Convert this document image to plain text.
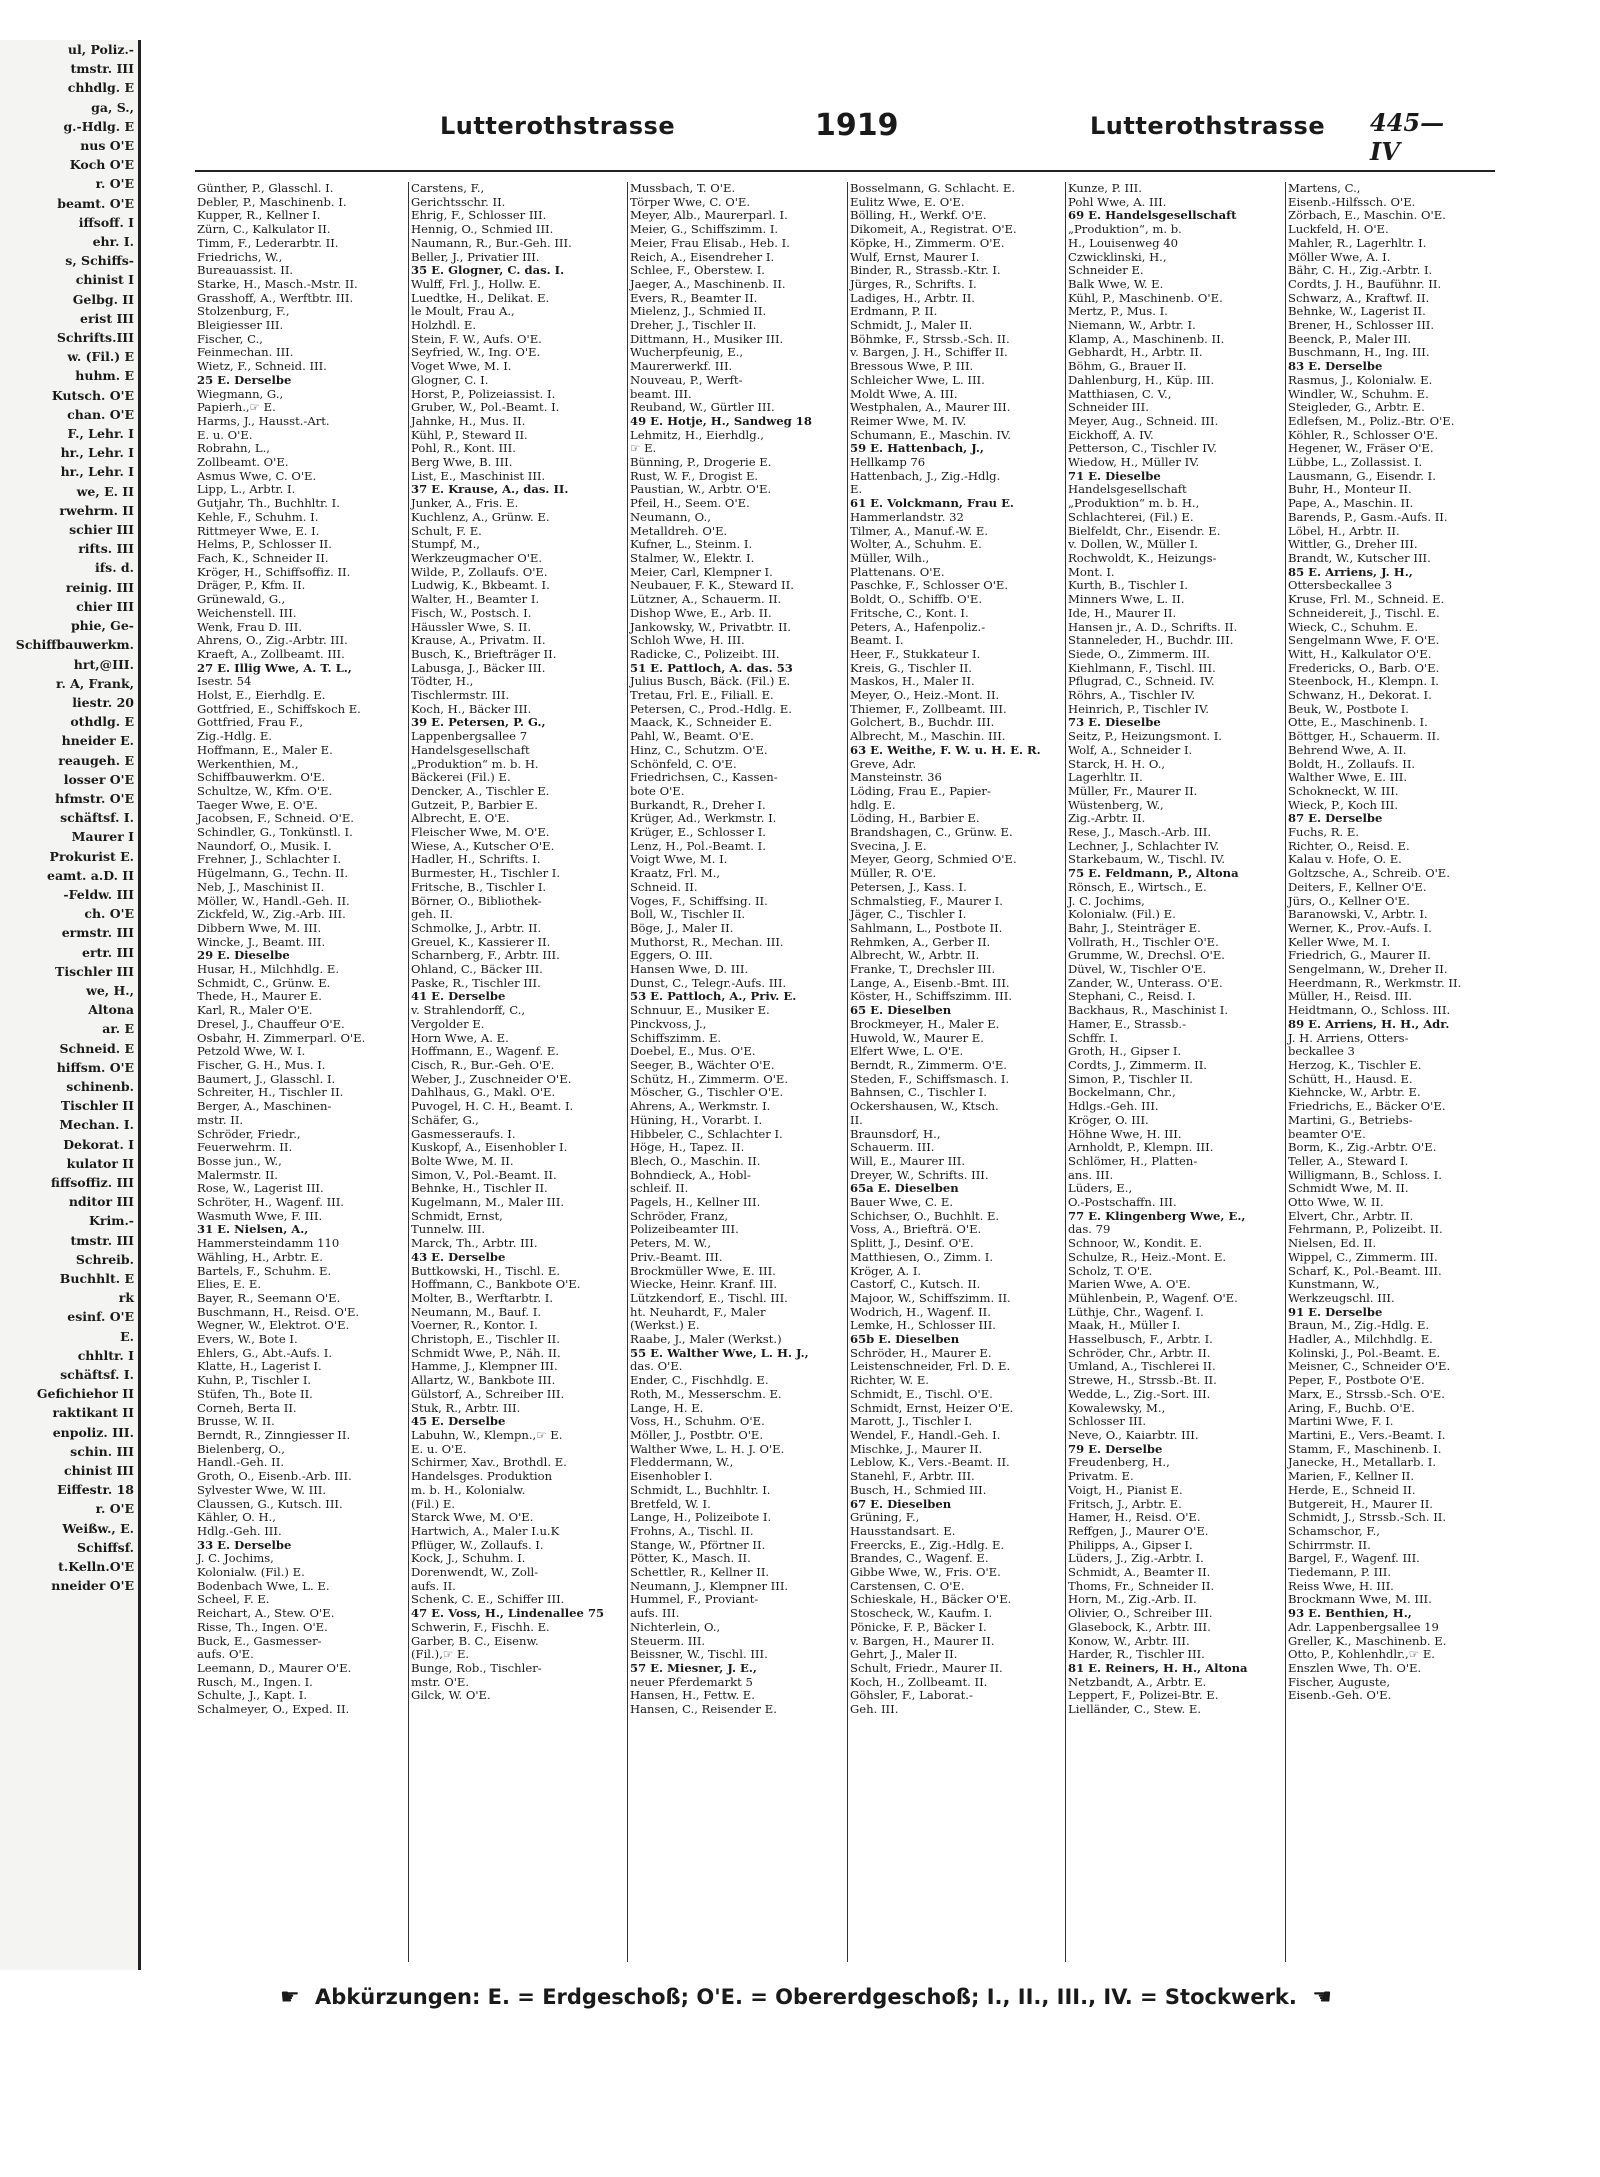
ul, Poliz.-
tmstr. III
chhdlg. E
ga, S.,
g.-Hdlg. E
nus O'E
Koch O'E
r. O'E
beamt. O'E
iffsoff. I
ehr. I.
s, Schiffs-
chinist I
Gelbg. II
erist III
Schrifts.III
w. (Fil.) E
huhm. E
Kutsch. O'E
chan. O'E
F., Lehr. I
hr., Lehr. I
hr., Lehr. I
we, E. II
rwehrm. II
schier III
rifts. III
ifs. d.
reinig. III
chier III
phie, Ge-
Schiffbauwerkm.
hrt,@III.
r. A, Frank,
liestr. 20
othdlg. E
hneider E.
reaugeh. E
losser O'E
hfmstr. O'E
schäftsf. I.
Maurer I
Prokurist E.
eamt. a.D. II
-Feldw. III
ch. O'E
ermstr. III
ertr. III
Tischler III
we, H.,
Altona
ar. E
Schneid. E
hiffsm. O'E
schinenb.
Tischler II
Mechan. I.
Dekorat. I
kulator II
fiffsoffiz. III
nditor III
Krim.-
tmstr. III
Schreib.
Buchhlt. E
rk
esinf. O'E
E.
chhltr. I
schäftsf. I.
Gefichiehor II
raktikant II
enpoliz. III.
schin. III
chinist III
Eiffestr. 18
r. O'E
Weißw., E.
Schiffsf.
t.Kelln.O'E
nneider O'E
Lutterothstrasse	1919	Lutterothstrasse 445—IV
Günther, P., Glasschl. I.
Debler, P., Maschinenb. I.
Kupper, R., Kellner I.
Zürn, C., Kalkulator II.
Timm, F., Lederarbtr. II.
Friedrichs, W.,
Bureauassist. II.
Starke, H., Masch.-Mstr. II.
Grasshoff, A., Werftbtr. III.
Stolzenburg, F.,
Bleigiesser III.
Fischer, C.,
Feinmechan. III.
Wietz, F., Schneid. III.
25 E. Derselbe
Wiegmann, G.,
Papierh.,☞ E.
Harms, J., Hausst.-Art.
E. u. O'E.
Robrahn, L.,
Zollbeamt. O'E.
Asmus Wwe, C. O'E.
Lipp, L., Arbtr. I.
Gutjahr, Th., Buchhltr. I.
Kehle, F., Schuhm. I.
Rittmeyer Wwe, E. I.
Helms, P., Schlosser II.
Fach, K., Schneider II.
Kröger, H., Schiffsoffiz. II.
Dräger, P., Kfm. II.
Grünewald, G.,
Weichenstell. III.
Wenk, Frau D. III.
Ahrens, O., Zig.-Arbtr. III.
Kraeft, A., Zollbeamt. III.
27 E. Illig Wwe, A. T. L.,
Isestr. 54
Holst, E., Eierhdlg. E.
Gottfried, E., Schiffskoch E.
Gottfried, Frau F.,
Zig.-Hdlg. E.
Hoffmann, E., Maler E.
Werkenthien, M.,
Schiffbauwerkm. O'E.
Schultze, W., Kfm. O'E.
Taeger Wwe, E. O'E.
Jacobsen, F., Schneid. O'E.
Schindler, G., Tonkünstl. I.
Naundorf, O., Musik. I.
Frehner, J., Schlachter I.
Hügelmann, G., Techn. II.
Neb, J., Maschinist II.
Möller, W., Handl.-Geh. II.
Zickfeld, W., Zig.-Arb. III.
Dibbern Wwe, M. III.
Wincke, J., Beamt. III.
29 E. Dieselbe
Husar, H., Milchhdlg. E.
Schmidt, C., Grünw. E.
Thede, H., Maurer E.
Karl, R., Maler O'E.
Dresel, J., Chauffeur O'E.
Osbahr, H. Zimmerparl. O'E.
Petzold Wwe, W. I.
Fischer, G. H., Mus. I.
Baumert, J., Glasschl. I.
Schreiter, H., Tischler II.
Berger, A., Maschinen-
mstr. II.
Schröder, Friedr.,
Feuerwehrm. II.
Bosse jun., W.,
Malermstr. II.
Rose, W., Lagerist III.
Schröter, H., Wagenf. III.
Wasmuth Wwe, F. III.
31 E. Nielsen, A.,
Hammersteindamm 110
Wähling, H., Arbtr. E.
Bartels, F., Schuhm. E.
Elies, E. E.
Bayer, R., Seemann O'E.
Buschmann, H., Reisd. O'E.
Wegner, W., Elektrot. O'E.
Evers, W., Bote I.
Ehlers, G., Abt.-Aufs. I.
Klatte, H., Lagerist I.
Kuhn, P., Tischler I.
Stüfen, Th., Bote II.
Corneh, Berta II.
Brusse, W. II.
Berndt, R., Zinngiesser II.
Bielenberg, O.,
Handl.-Geh. II.
Groth, O., Eisenb.-Arb. III.
Sylvester Wwe, W. III.
Claussen, G., Kutsch. III.
Kähler, O. H.,
Hdlg.-Geh. III.
33 E. Derselbe
J. C. Jochims,
Kolonialw. (Fil.) E.
Bodenbach Wwe, L. E.
Scheel, F. E.
Reichart, A., Stew. O'E.
Risse, Th., Ingen. O'E.
Buck, E., Gasmesser-
aufs. O'E.
Leemann, D., Maurer O'E.
Rusch, M., Ingen. I.
Schulte, J., Kapt. I.
Schalmeyer, O., Exped. II.
Carstens, F.,
Gerichtsschr. II.
Ehrig, F., Schlosser III.
Hennig, O., Schmied III.
Naumann, R., Bur.-Geh. III.
Beller, J., Privatier III.
35 E. Glogner, C. das. I.
Wulff, Frl. J., Hollw. E.
Luedtke, H., Delikat. E.
le Moult, Frau A.,
Holzhdl. E.
Stein, F. W., Aufs. O'E.
Seyfried, W., Ing. O'E.
Voget Wwe, M. I.
Glogner, C. I.
Horst, P., Polizeiassist. I.
Gruber, W., Pol.-Beamt. I.
Jahnke, H., Mus. II.
Kühl, P., Steward II.
Pohl, R., Kont. III.
Berg Wwe, B. III.
List, E., Maschinist III.
37 E. Krause, A., das. II.
Junker, A., Fris. E.
Kuchlenz, A., Grünw. E.
Schult, F. E.
Stumpf, M.,
Werkzeugmacher O'E.
Wilde, P., Zollaufs. O'E.
Ludwig, K., Bkbeamt. I.
Walter, H., Beamter I.
Fisch, W., Postsch. I.
Häussler Wwe, S. II.
Krause, A., Privatm. II.
Busch, K., Briefträger II.
Labusga, J., Bäcker III.
Tödter, H.,
Tischlermstr. III.
Koch, H., Bäcker III.
39 E. Petersen, P. G.,
Lappenbergsallee 7
Handelsgesellschaft
„Produktion“ m. b. H.
Bäckerei (Fil.) E.
Dencker, A., Tischler E.
Gutzeit, P., Barbier E.
Albrecht, E. O'E.
Fleischer Wwe, M. O'E.
Wiese, A., Kutscher O'E.
Hadler, H., Schrifts. I.
Burmester, H., Tischler I.
Fritsche, B., Tischler I.
Börner, O., Bibliothek-
geh. II.
Schmolke, J., Arbtr. II.
Greuel, K., Kassierer II.
Scharnberg, F., Arbtr. III.
Ohland, C., Bäcker III.
Paske, R., Tischler III.
41 E. Derselbe
v. Strahlendorff, C.,
Vergolder E.
Horn Wwe, A. E.
Hoffmann, E., Wagenf. E.
Cisch, R., Bur.-Geh. O'E.
Weber, J., Zuschneider O'E.
Dahlhaus, G., Makl. O'E.
Puvogel, H. C. H., Beamt. I.
Schäfer, G.,
Gasmesseraufs. I.
Kuskopf, A., Eisenhobler I.
Bolte Wwe, M. II.
Simon, V., Pol.-Beamt. II.
Behnke, H., Tischler II.
Kugelmann, M., Maler III.
Schmidt, Ernst,
Tunnelw. III.
Marck, Th., Arbtr. III.
43 E. Derselbe
Buttkowski, H., Tischl. E.
Hoffmann, C., Bankbote O'E.
Molter, B., Werftarbtr. I.
Neumann, M., Bauf. I.
Voerner, R., Kontor. I.
Christoph, E., Tischler II.
Schmidt Wwe, P., Näh. II.
Hamme, J., Klempner III.
Allartz, W., Bankbote III.
Gülstorf, A., Schreiber III.
Stuk, R., Arbtr. III.
45 E. Derselbe
Labuhn, W., Klempn.,☞ E.
E. u. O'E.
Schirmer, Xav., Brothdl. E.
Handelsges. Produktion
m. b. H., Kolonialw.
(Fil.) E.
Starck Wwe, M. O'E.
Hartwich, A., Maler I.u.K
Pflüger, W., Zollaufs. I.
Kock, J., Schuhm. I.
Dorenwendt, W., Zoll-
aufs. II.
Schenk, C. E., Schiffer III.
47 E. Voss, H., Lindenallee 75
Schwerin, F., Fischh. E.
Garber, B. C., Eisenw.
(Fil.),☞ E.
Bunge, Rob., Tischler-
mstr. O'E.
Gilck, W. O'E.
Mussbach, T. O'E.
Törper Wwe, C. O'E.
Meyer, Alb., Maurerparl. I.
Meier, G., Schiffszimm. I.
Meier, Frau Elisab., Heb. I.
Reich, A., Eisendreher I.
Schlee, F., Oberstew. I.
Jaeger, A., Maschinenb. II.
Evers, R., Beamter II.
Mielenz, J., Schmied II.
Dreher, J., Tischler II.
Dittmann, H., Musiker III.
Wucherpfeunig, E.,
Maurerwerkf. III.
Nouveau, P., Werft-
beamt. III.
Reuband, W., Gürtler III.
49 E. Hotje, H., Sandweg 18
Lehmitz, H., Eierhdlg.,
☞ E.
Bünning, P., Drogerie E.
Rust, W. F., Drogist E.
Paustian, W., Arbtr. O'E.
Pfeil, H., Seem. O'E.
Neumann, O.,
Metalldreh. O'E.
Kufner, L., Steinm. I.
Stalmer, W., Elektr. I.
Meier, Carl, Klempner I.
Neubauer, F. K., Steward II.
Lützner, A., Schauerm. II.
Dishop Wwe, E., Arb. II.
Jankowsky, W., Privatbtr. II.
Schloh Wwe, H. III.
Radicke, C., Polizeibt. III.
51 E. Pattloch, A. das. 53
Julius Busch, Bäck. (Fil.) E.
Tretau, Frl. E., Filiall. E.
Petersen, C., Prod.-Hdlg. E.
Maack, K., Schneider E.
Pahl, W., Beamt. O'E.
Hinz, C., Schutzm. O'E.
Schönfeld, C. O'E.
Friedrichsen, C., Kassen-
bote O'E.
Burkandt, R., Dreher I.
Krüger, Ad., Werkmstr. I.
Krüger, E., Schlosser I.
Lenz, H., Pol.-Beamt. I.
Voigt Wwe, M. I.
Kraatz, Frl. M.,
Schneid. II.
Voges, F., Schiffsing. II.
Boll, W., Tischler II.
Böge, J., Maler II.
Muthorst, R., Mechan. III.
Eggers, O. III.
Hansen Wwe, D. III.
Dunst, C., Telegr.-Aufs. III.
53 E. Pattloch, A., Priv. E.
Schnuur, E., Musiker E.
Pinckvoss, J.,
Schiffszimm. E.
Doebel, E., Mus. O'E.
Seeger, B., Wächter O'E.
Schütz, H., Zimmerm. O'E.
Möscher, G., Tischler O'E.
Ahrens, A., Werkmstr. I.
Hüning, H., Vorarbt. I.
Hibbeler, C., Schlachter I.
Höge, H., Tapez. II.
Blech, O., Maschin. II.
Bohndieck, A., Hobl-
schleif. II.
Pagels, H., Kellner III.
Schröder, Franz,
Polizeibeamter III.
Peters, M. W.,
Priv.-Beamt. III.
Brockmüller Wwe, E. III.
Wiecke, Heinr. Kranf. III.
Lützkendorf, E., Tischl. III.
ht. Neuhardt, F., Maler
(Werkst.) E.
Raabe, J., Maler (Werkst.)
55 E. Walther Wwe, L. H. J.,
das. O'E.
Ender, C., Fischhdlg. E.
Roth, M., Messerschm. E.
Lange, H. E.
Voss, H., Schuhm. O'E.
Möller, J., Postbtr. O'E.
Walther Wwe, L. H. J. O'E.
Fleddermann, W.,
Eisenhobler I.
Schmidt, L., Buchhltr. I.
Bretfeld, W. I.
Lange, H., Polizeibote I.
Frohns, A., Tischl. II.
Stange, W., Pförtner II.
Pötter, K., Masch. II.
Schettler, R., Kellner II.
Neumann, J., Klempner III.
Hummel, F., Proviant-
aufs. III.
Nichterlein, O.,
Steuerm. III.
Beissner, W., Tischl. III.
57 E. Miesner, J. E.,
neuer Pferdemarkt 5
Hansen, H., Fettw. E.
Hansen, C., Reisender E.
Bosselmann, G. Schlacht. E.
Eulitz Wwe, E. O'E.
Bölling, H., Werkf. O'E.
Dikomeit, A., Registrat. O'E.
Köpke, H., Zimmerm. O'E.
Wulf, Ernst, Maurer I.
Binder, R., Strassb.-Ktr. I.
Jürges, R., Schrifts. I.
Ladiges, H., Arbtr. II.
Erdmann, P. II.
Schmidt, J., Maler II.
Böhmke, F., Strssb.-Sch. II.
v. Bargen, J. H., Schiffer II.
Bressous Wwe, P. III.
Schleicher Wwe, L. III.
Moldt Wwe, A. III.
Westphalen, A., Maurer III.
Reimer Wwe, M. IV.
Schumann, E., Maschin. IV.
59 E. Hattenbach, J.,
Hellkamp 76
Hattenbach, J., Zig.-Hdlg.
E.
61 E. Volckmann, Frau E.
Hammerlandstr. 32
Tilmer, A., Manuf.-W. E.
Wolter, A., Schuhm. E.
Müller, Wilh.,
Plattenans. O'E.
Paschke, F., Schlosser O'E.
Boldt, O., Schiffb. O'E.
Fritsche, C., Kont. I.
Peters, A., Hafenpoliz.-
Beamt. I.
Heer, F., Stukkateur I.
Kreis, G., Tischler II.
Maskos, H., Maler II.
Meyer, O., Heiz.-Mont. II.
Thiemer, F., Zollbeamt. III.
Golchert, B., Buchdr. III.
Albrecht, M., Maschin. III.
63 E. Weithe, F. W. u. H. E. R.
Greve, Adr.
Mansteinstr. 36
Löding, Frau E., Papier-
hdlg. E.
Löding, H., Barbier E.
Brandshagen, C., Grünw. E.
Svecina, J. E.
Meyer, Georg, Schmied O'E.
Müller, R. O'E.
Petersen, J., Kass. I.
Schmalstieg, F., Maurer I.
Jäger, C., Tischler I.
Sahlmann, L., Postbote II.
Rehmken, A., Gerber II.
Albrecht, W., Arbtr. II.
Franke, T., Drechsler III.
Lange, A., Eisenb.-Bmt. III.
Köster, H., Schiffszimm. III.
65 E. Dieselben
Brockmeyer, H., Maler E.
Huwold, W., Maurer E.
Elfert Wwe, L. O'E.
Berndt, R., Zimmerm. O'E.
Steden, F., Schiffsmasch. I.
Bahnsen, C., Tischler I.
Ockershausen, W., Ktsch.
II.
Braunsdorf, H.,
Schauerm. III.
Will, E., Maurer III.
Dreyer, W., Schrifts. III.
65a E. Dieselben
Bauer Wwe, C. E.
Schichser, O., Buchhlt. E.
Voss, A., Briefträ. O'E.
Splitt, J., Desinf. O'E.
Matthiesen, O., Zimm. I.
Kröger, A. I.
Castorf, C., Kutsch. II.
Majoor, W., Schiffszimm. II.
Wodrich, H., Wagenf. II.
Lemke, H., Schlosser III.
65b E. Dieselben
Schröder, H., Maurer E.
Leistenschneider, Frl. D. E.
Richter, W. E.
Schmidt, E., Tischl. O'E.
Schmidt, Ernst, Heizer O'E.
Marott, J., Tischler I.
Wendel, F., Handl.-Geh. I.
Mischke, J., Maurer II.
Leblow, K., Vers.-Beamt. II.
Stanehl, F., Arbtr. III.
Busch, H., Schmied III.
67 E. Dieselben
Grüning, F.,
Hausstandsart. E.
Freercks, E., Zig.-Hdlg. E.
Brandes, C., Wagenf. E.
Gibbe Wwe, W., Fris. O'E.
Carstensen, C. O'E.
Schieskale, H., Bäcker O'E.
Stoscheck, W., Kaufm. I.
Pönicke, F. P., Bäcker I.
v. Bargen, H., Maurer II.
Gehrt, J., Maler II.
Schult, Friedr., Maurer II.
Koch, H., Zollbeamt. II.
Göhsler, F., Laborat.-
Geh. III.
Kunze, P. III.
Pohl Wwe, A. III.
69 E. Handelsgesellschaft
„Produktion“, m. b.
H., Louisenweg 40
Czwicklinski, H.,
Schneider E.
Balk Wwe, W. E.
Kühl, P., Maschinenb. O'E.
Mertz, P., Mus. I.
Niemann, W., Arbtr. I.
Klamp, A., Maschinenb. II.
Gebhardt, H., Arbtr. II.
Böhm, G., Brauer II.
Dahlenburg, H., Küp. III.
Matthiasen, C. V.,
Schneider III.
Meyer, Aug., Schneid. III.
Eickhoff, A. IV.
Petterson, C., Tischler IV.
Wiedow, H., Müller IV.
71 E. Dieselbe
Handelsgesellschaft
„Produktion“ m. b. H.,
Schlachterei, (Fil.) E.
Bielfeldt, Chr., Eisendr. E.
v. Dollen, W., Müller I.
Rochwoldt, K., Heizungs-
Mont. I.
Kurth, B., Tischler I.
Minners Wwe, L. II.
Ide, H., Maurer II.
Hansen jr., A. D., Schrifts. II.
Stanneleder, H., Buchdr. III.
Siede, O., Zimmerm. III.
Kiehlmann, F., Tischl. III.
Pflugrad, C., Schneid. IV.
Röhrs, A., Tischler IV.
Heinrich, P., Tischler IV.
73 E. Dieselbe
Seitz, P., Heizungsmont. I.
Wolf, A., Schneider I.
Starck, H. H. O.,
Lagerhltr. II.
Müller, Fr., Maurer II.
Wüstenberg, W.,
Zig.-Arbtr. II.
Rese, J., Masch.-Arb. III.
Lechner, J., Schlachter IV.
Starkebaum, W., Tischl. IV.
75 E. Feldmann, P., Altona
Rönsch, E., Wirtsch., E.
J. C. Jochims,
Kolonialw. (Fil.) E.
Bahr, J., Steinträger E.
Vollrath, H., Tischler O'E.
Grumme, W., Drechsl. O'E.
Düvel, W., Tischler O'E.
Zander, W., Unterass. O'E.
Stephani, C., Reisd. I.
Backhaus, R., Maschinist I.
Hamer, E., Strassb.-
Schffr. I.
Groth, H., Gipser I.
Cordts, J., Zimmerm. II.
Simon, P., Tischler II.
Bockelmann, Chr.,
Hdlgs.-Geh. III.
Kröger, O. III.
Höhne Wwe, H. III.
Arnholdt, P., Klempn. III.
Schlömer, H., Platten-
ans. III.
Lüders, E.,
O.-Postschaffn. III.
77 E. Klingenberg Wwe, E.,
das. 79
Schnoor, W., Kondit. E.
Schulze, R., Heiz.-Mont. E.
Scholz, T. O'E.
Marien Wwe, A. O'E.
Mühlenbein, P., Wagenf. O'E.
Lüthje, Chr., Wagenf. I.
Maak, H., Müller I.
Hasselbusch, F., Arbtr. I.
Schröder, Chr., Arbtr. II.
Umland, A., Tischlerei II.
Strewe, H., Strssb.-Bt. II.
Wedde, L., Zig.-Sort. III.
Kowalewsky, M.,
Schlosser III.
Neve, O., Kaiarbtr. III.
79 E. Derselbe
Freudenberg, H.,
Privatm. E.
Voigt, H., Pianist E.
Fritsch, J., Arbtr. E.
Hamer, H., Reisd. O'E.
Reffgen, J., Maurer O'E.
Philipps, A., Gipser I.
Lüders, J., Zig.-Arbtr. I.
Schmidt, A., Beamter II.
Thoms, Fr., Schneider II.
Horn, M., Zig.-Arb. II.
Olivier, O., Schreiber III.
Glasebock, K., Arbtr. III.
Konow, W., Arbtr. III.
Harder, R., Tischler III.
81 E. Reiners, H. H., Altona
Netzbandt, A., Arbtr. E.
Leppert, F., Polizei-Btr. E.
Lielländer, C., Stew. E.
Martens, C.,
Eisenb.-Hilfssch. O'E.
Zörbach, E., Maschin. O'E.
Luckfeld, H. O'E.
Mahler, R., Lagerhltr. I.
Möller Wwe, A. I.
Bähr, C. H., Zig.-Arbtr. I.
Cordts, J. H., Baufühnr. II.
Schwarz, A., Kraftwf. II.
Behnke, W., Lagerist II.
Brener, H., Schlosser III.
Beenck, P., Maler III.
Buschmann, H., Ing. III.
83 E. Derselbe
Rasmus, J., Kolonialw. E.
Windler, W., Schuhm. E.
Steigleder, G., Arbtr. E.
Edlefsen, M., Poliz.-Btr. O'E.
Köhler, R., Schlosser O'E.
Hegener, W., Fräser O'E.
Lübbe, L., Zollassist. I.
Lausmann, G., Eisendr. I.
Buhr, H., Monteur II.
Pape, A., Maschin. II.
Barends, P., Gasm.-Aufs. II.
Löbel, H., Arbtr. II.
Wittler, G., Dreher III.
Brandt, W., Kutscher III.
85 E. Arriens, J. H.,
Ottersbeckallee 3
Kruse, Frl. M., Schneid. E.
Schneidereit, J., Tischl. E.
Wieck, C., Schuhm. E.
Sengelmann Wwe, F. O'E.
Witt, H., Kalkulator O'E.
Fredericks, O., Barb. O'E.
Steenbock, H., Klempn. I.
Schwanz, H., Dekorat. I.
Beuk, W., Postbote I.
Otte, E., Maschinenb. I.
Böttger, H., Schauerm. II.
Behrend Wwe, A. II.
Boldt, H., Zollaufs. II.
Walther Wwe, E. III.
Schokneckt, W. III.
Wieck, P., Koch III.
87 E. Derselbe
Fuchs, R. E.
Richter, O., Reisd. E.
Kalau v. Hofe, O. E.
Goltzsche, A., Schreib. O'E.
Deiters, F., Kellner O'E.
Jürs, O., Kellner O'E.
Baranowski, V., Arbtr. I.
Werner, K., Prov.-Aufs. I.
Keller Wwe, M. I.
Friedrich, G., Maurer II.
Sengelmann, W., Dreher II.
Heerdmann, R., Werkmstr. II.
Müller, H., Reisd. III.
Heidtmann, O., Schloss. III.
89 E. Arriens, H. H., Adr.
J. H. Arriens, Otters-
beckallee 3
Herzog, K., Tischler E.
Schütt, H., Hausd. E.
Kiehncke, W., Arbtr. E.
Friedrichs, E., Bäcker O'E.
Martini, G., Betriebs-
beamter O'E.
Borm, K., Zig.-Arbtr. O'E.
Teller, A., Steward I.
Willigmann, B., Schloss. I.
Schmidt Wwe, M. II.
Otto Wwe, W. II.
Elvert, Chr., Arbtr. II.
Fehrmann, P., Polizeibt. II.
Nielsen, Ed. II.
Wippel, C., Zimmerm. III.
Scharf, K., Pol.-Beamt. III.
Kunstmann, W.,
Werkzeugschl. III.
91 E. Derselbe
Braun, M., Zig.-Hdlg. E.
Hadler, A., Milchhdlg. E.
Kolinski, J., Pol.-Beamt. E.
Meisner, C., Schneider O'E.
Peper, F., Postbote O'E.
Marx, E., Strssb.-Sch. O'E.
Aring, F., Buchb. O'E.
Martini Wwe, F. I.
Martini, E., Vers.-Beamt. I.
Stamm, F., Maschinenb. I.
Janecke, H., Metallarb. I.
Marien, F., Kellner II.
Herde, E., Schneid II.
Butgereit, H., Maurer II.
Schmidt, J., Strssb.-Sch. II.
Schamschor, F.,
Schirrmstr. II.
Bargel, F., Wagenf. III.
Tiedemann, P. III.
Reiss Wwe, H. III.
Brockmann Wwe, M. III.
93 E. Benthien, H.,
Adr. Lappenbergsallee 19
Greller, K., Maschinenb. E.
Otto, P., Kohlenhdlr.,☞ E.
Enszlen Wwe, Th. O'E.
Fischer, Auguste,
Eisenb.-Geh. O'E.
☛ Abkürzungen: E. = Erdgeschoß; O'E. = Obererdgeschoß; I., II., III., IV. = Stockwerk. ☚
